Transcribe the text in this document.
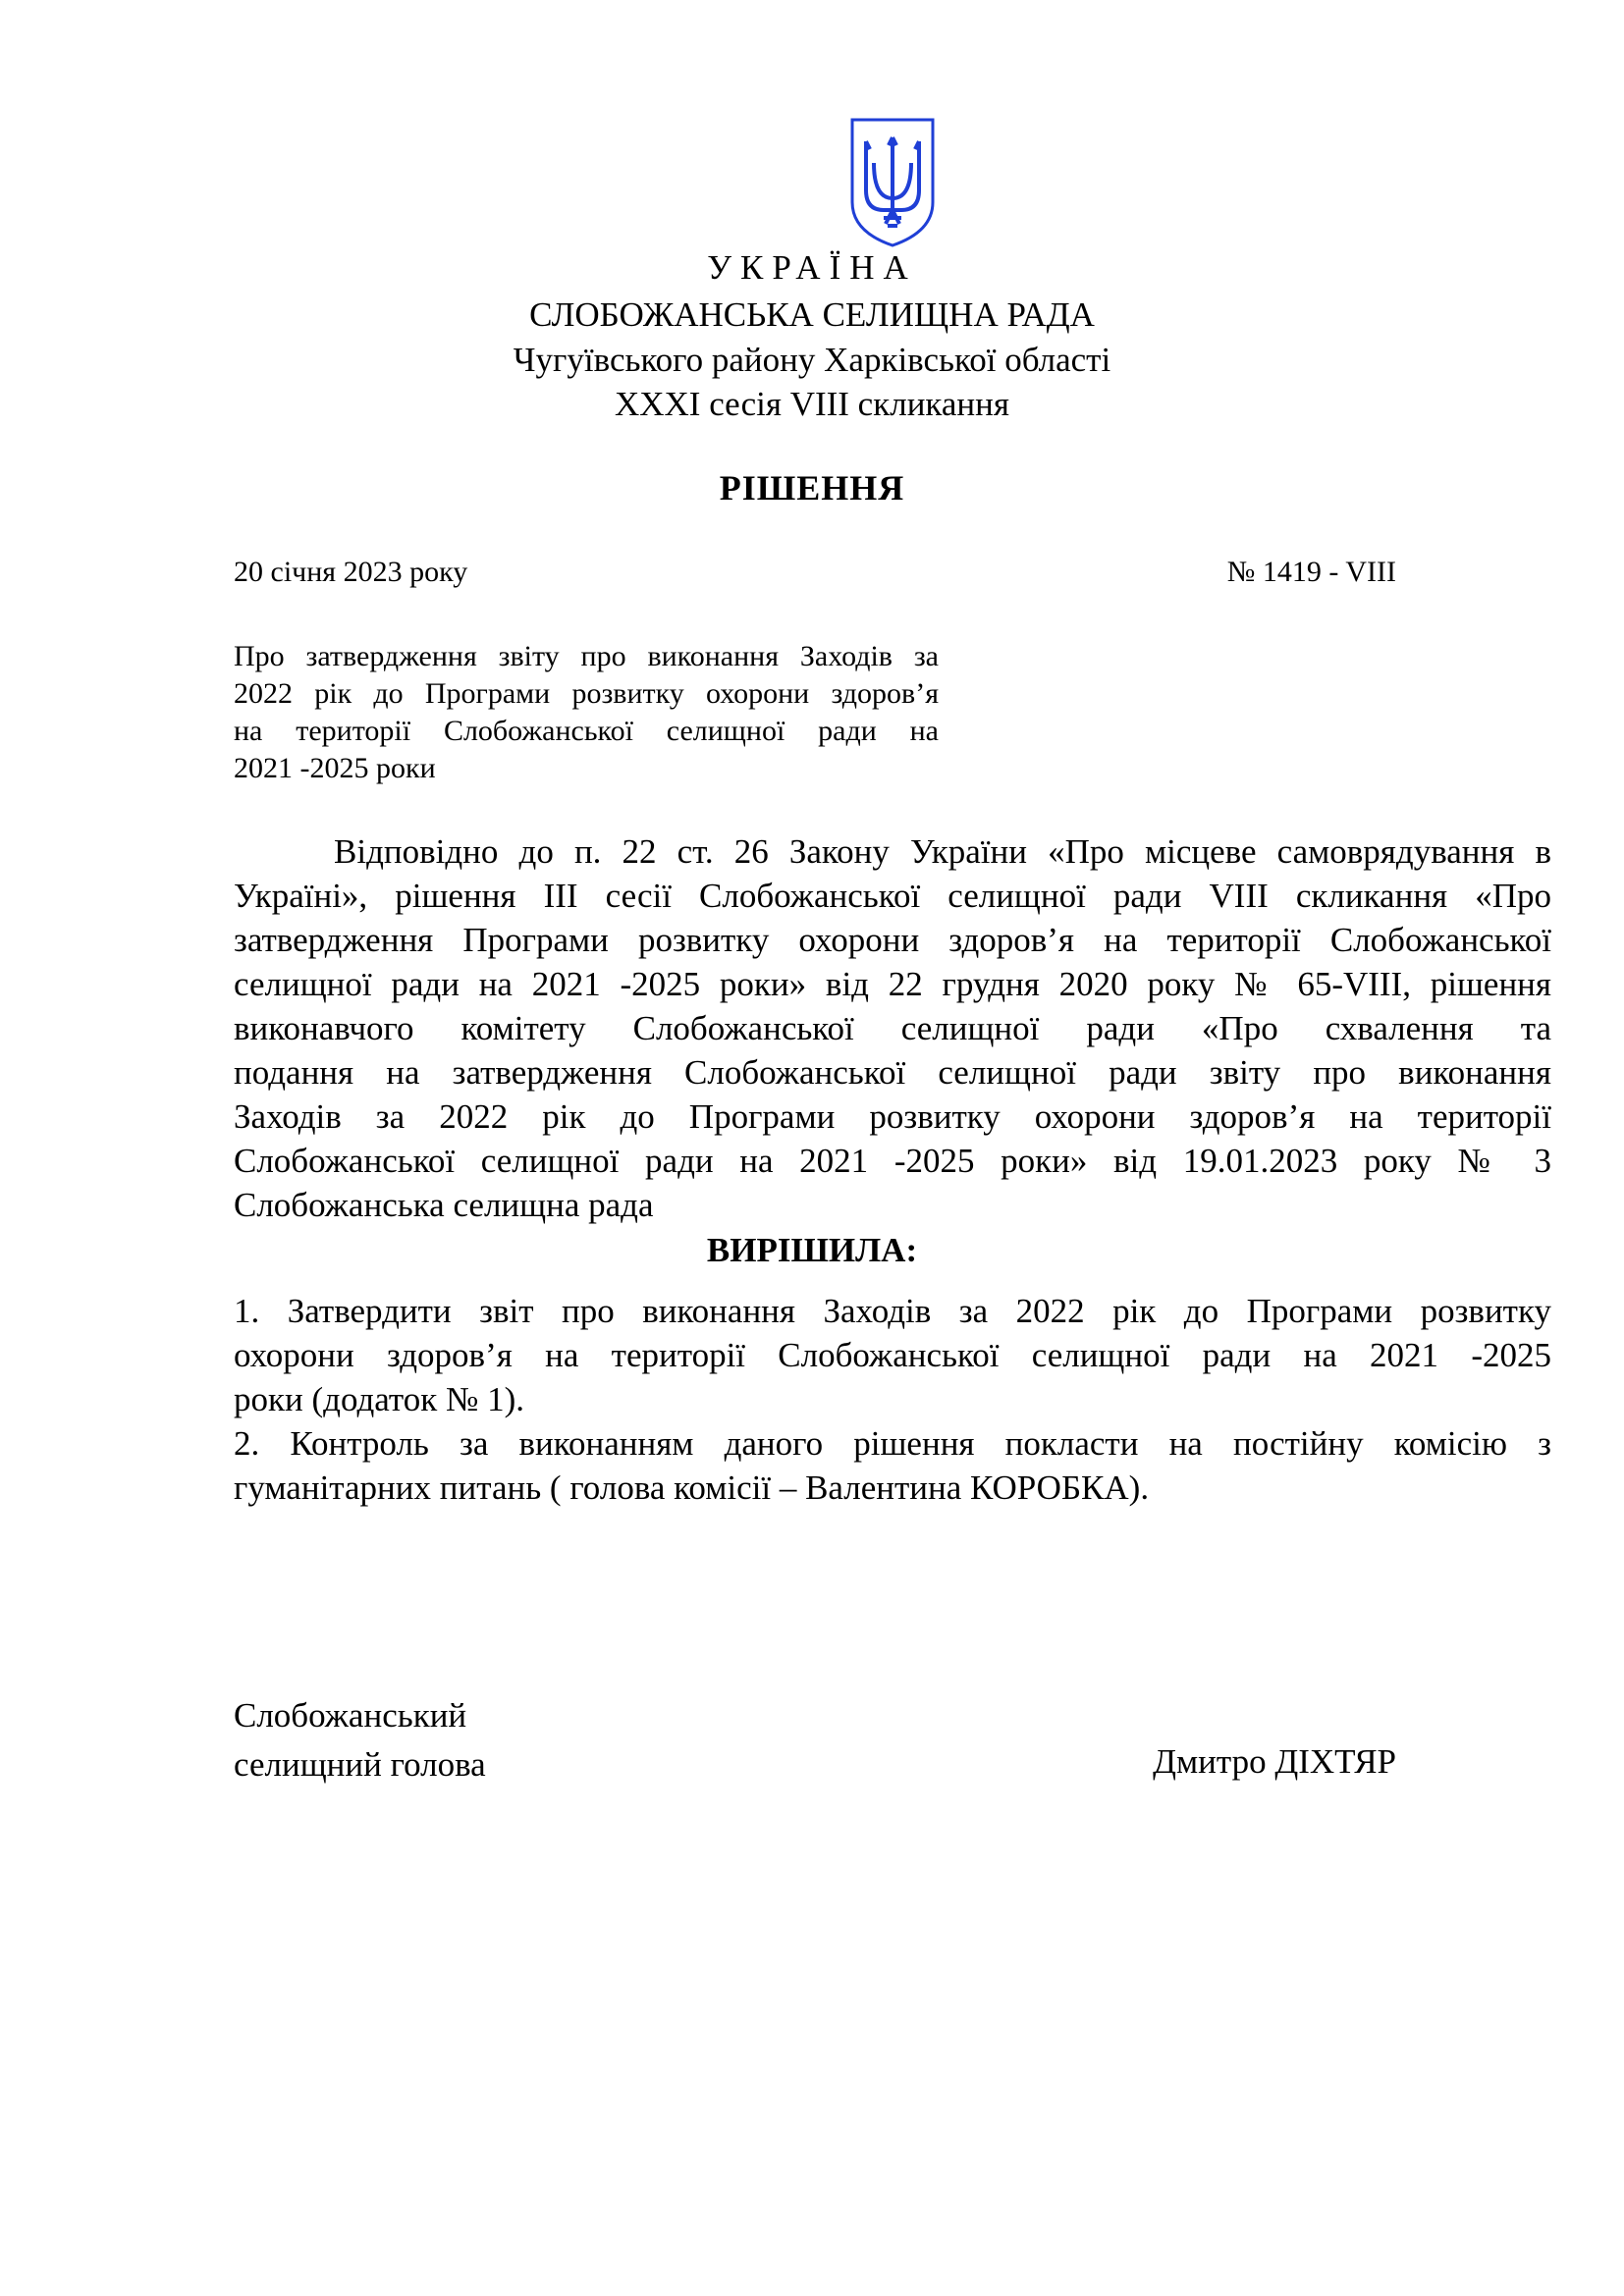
УКРАЇНА
СЛОБОЖАНСЬКА СЕЛИЩНА РАДА
Чугуївського району Харківської області
XXXI сесія VIII скликання
РІШЕННЯ
20 січня 2023 року	№ 1419 - VIII
Про затвердження звіту про виконання Заходів за
2022 рік до Програми розвитку охорони здоров’я
на території Слобожанської селищної ради на
2021 -2025 роки
Відповідно до п. 22 ст. 26 Закону України «Про місцеве самоврядування в
Україні», рішення ІІІ сесії Слобожанської селищної ради VIII скликання «Про
затвердження Програми розвитку охорони здоров’я на території Слобожанської
селищної ради на 2021 -2025 роки» від 22 грудня 2020 року № 65-VIII, рішення
виконавчого комітету Слобожанської селищної ради «Про схвалення та
подання на затвердження Слобожанської селищної ради звіту про виконання
Заходів за 2022 рік до Програми розвитку охорони здоров’я на території
Слобожанської селищної ради на 2021 -2025 роки» від 19.01.2023 року № 3
Слобожанська селищна рада
ВИРІШИЛА:
1. Затвердити звіт про виконання Заходів за 2022 рік до Програми розвитку
охорони здоров’я на території Слобожанської селищної ради на 2021 -2025
роки (додаток № 1).
2. Контроль за виконанням даного рішення покласти на постійну комісію з
гуманітарних питань ( голова комісії – Валентина КОРОБКА).
Слобожанський
селищний голова	Дмитро ДІХТЯР
